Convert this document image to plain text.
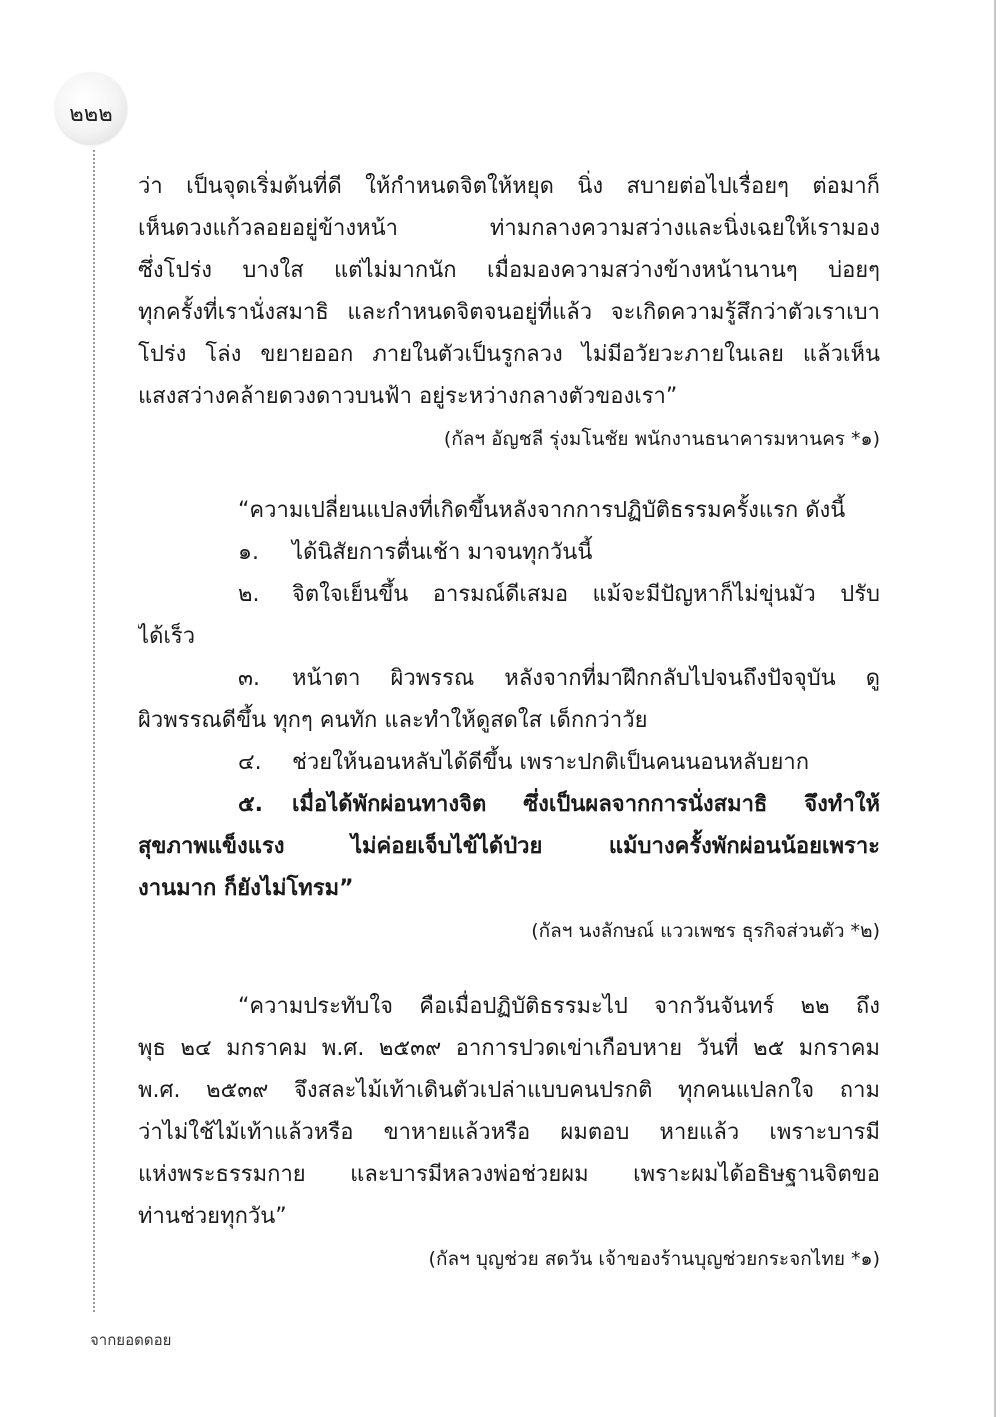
๒๒๒
ว่า เป็นจุดเริ่มต้นที่ดี ให้กำหนดจิตให้หยุด นิ่ง สบายต่อไปเรื่อยๆ ต่อมาก็
เห็นดวงแก้วลอยอยู่ข้างหน้า ท่ามกลางความสว่างและนิ่งเฉยให้เรามอง
ซึ่งโปร่ง บางใส แต่ไม่มากนัก เมื่อมองความสว่างข้างหน้านานๆ บ่อยๆ
ทุกครั้งที่เรานั่งสมาธิ และกำหนดจิตจนอยู่ที่แล้ว จะเกิดความรู้สึกว่าตัวเราเบา
โปร่ง โล่ง ขยายออก ภายในตัวเป็นรูกลวง ไม่มีอวัยวะภายในเลย แล้วเห็น
แสงสว่างคล้ายดวงดาวบนฟ้า อยู่ระหว่างกลางตัวของเรา”
(กัลฯ อัญชลี รุ่งมโนชัย พนักงานธนาคารมหานคร *๑)
“ความเปลี่ยนแปลงที่เกิดขึ้นหลังจากการปฏิบัติธรรมครั้งแรก ดังนี้
๑. ได้นิสัยการตื่นเช้า มาจนทุกวันนี้
๒. จิตใจเย็นขึ้น อารมณ์ดีเสมอ แม้จะมีปัญหาก็ไม่ขุ่นมัว ปรับ
ได้เร็ว
๓. หน้าตา ผิวพรรณ หลังจากที่มาฝึกกลับไปจนถึงปัจจุบัน ดู
ผิวพรรณดีขึ้น ทุกๆ คนทัก และทำให้ดูสดใส เด็กกว่าวัย
๔. ช่วยให้นอนหลับได้ดีขึ้น เพราะปกติเป็นคนนอนหลับยาก
๕. เมื่อได้พักผ่อนทางจิต ซึ่งเป็นผลจากการนั่งสมาธิ จึงทำให้
สุขภาพแข็งแรง ไม่ค่อยเจ็บไข้ได้ป่วย แม้บางครั้งพักผ่อนน้อยเพราะ
งานมาก ก็ยังไม่โทรม”
(กัลฯ นงลักษณ์ แววเพชร ธุรกิจส่วนตัว *๒)
“ความประทับใจ คือเมื่อปฏิบัติธรรมะไป จากวันจันทร์ ๒๒ ถึง
พุธ ๒๔ มกราคม พ.ศ. ๒๕๓๙ อาการปวดเข่าเกือบหาย วันที่ ๒๕ มกราคม
พ.ศ. ๒๕๓๙ จึงสละไม้เท้าเดินตัวเปล่าแบบคนปรกติ ทุกคนแปลกใจ ถาม
ว่าไม่ใช้ไม้เท้าแล้วหรือ ขาหายแล้วหรือ ผมตอบ หายแล้ว เพราะบารมี
แห่งพระธรรมกาย และบารมีหลวงพ่อช่วยผม เพราะผมได้อธิษฐานจิตขอ
ท่านช่วยทุกวัน”
(กัลฯ บุญช่วย สดวัน เจ้าของร้านบุญช่วยกระจกไทย *๑)
จากยอดดอย
